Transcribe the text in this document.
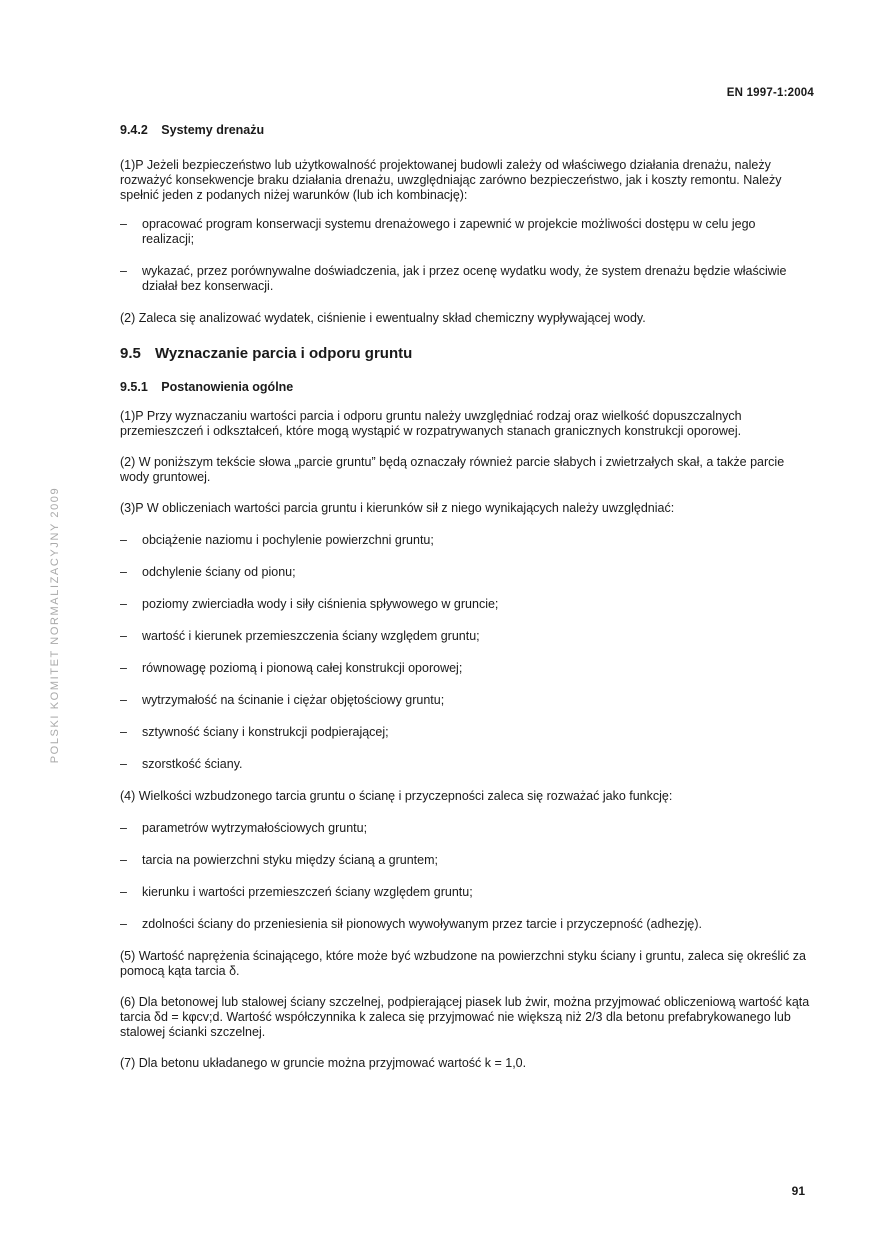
EN 1997-1:2004
POLSKI KOMITET NORMALIZACYJNY 2009
9.4.2 Systemy drenażu

(1)P Jeżeli bezpieczeństwo lub użytkowalność projektowanej budowli zależy od właściwego działania drenażu, należy rozważyć konsekwencje braku działania drenażu, uwzględniając zarówno bezpieczeństwo, jak i koszty remontu. Należy spełnić jeden z podanych niżej warunków (lub ich kombinację):

– opracować program konserwacji systemu drenażowego i zapewnić w projekcie możliwości dostępu w celu jego realizacji;
– wykazać, przez porównywalne doświadczenia, jak i przez ocenę wydatku wody, że system drenażu będzie właściwie działał bez konserwacji.

(2) Zaleca się analizować wydatek, ciśnienie i ewentualny skład chemiczny wypływającej wody.

9.5 Wyznaczanie parcia i odporu gruntu
9.5.1 Postanowienia ogólne

(1)P Przy wyznaczaniu wartości parcia i odporu gruntu należy uwzględniać rodzaj oraz wielkość dopuszczalnych przemieszczeń i odkształceń, które mogą wystąpić w rozpatrywanych stanach granicznych konstrukcji oporowej.

(2) W poniższym tekście słowa „parcie gruntu” będą oznaczały również parcie słabych i zwietrzałych skał, a także parcie wody gruntowej.

(3)P W obliczeniach wartości parcia gruntu i kierunków sił z niego wynikających należy uwzględniać:

– obciążenie naziomu i pochylenie powierzchni gruntu;
– odchylenie ściany od pionu;
– poziomy zwierciadła wody i siły ciśnienia spływowego w gruncie;
– wartość i kierunek przemieszczenia ściany względem gruntu;
– równowagę poziomą i pionową całej konstrukcji oporowej;
– wytrzymałość na ścinanie i ciężar objętościowy gruntu;
– sztywność ściany i konstrukcji podpierającej;
– szorstkość ściany.

(4) Wielkości wzbudzonego tarcia gruntu o ścianę i przyczepności zaleca się rozważać jako funkcję:

– parametrów wytrzymałościowych gruntu;
– tarcia na powierzchni styku między ścianą a gruntem;
– kierunku i wartości przemieszczeń ściany względem gruntu;
– zdolności ściany do przeniesienia sił pionowych wywoływanym przez tarcie i przyczepność (adhezję).

(5) Wartość naprężenia ścinającego, które może być wzbudzone na powierzchni styku ściany i gruntu, zaleca się określić za pomocą kąta tarcia δ.

(6) Dla betonowej lub stalowej ściany szczelnej, podpierającej piasek lub żwir, można przyjmować obliczeniową wartość kąta tarcia δd = kφcv;d. Wartość współczynnika k zaleca się przyjmować nie większą niż 2/3 dla betonu prefabrykowanego lub stalowej ścianki szczelnej.

(7) Dla betonu układanego w gruncie można przyjmować wartość k = 1,0.

91
